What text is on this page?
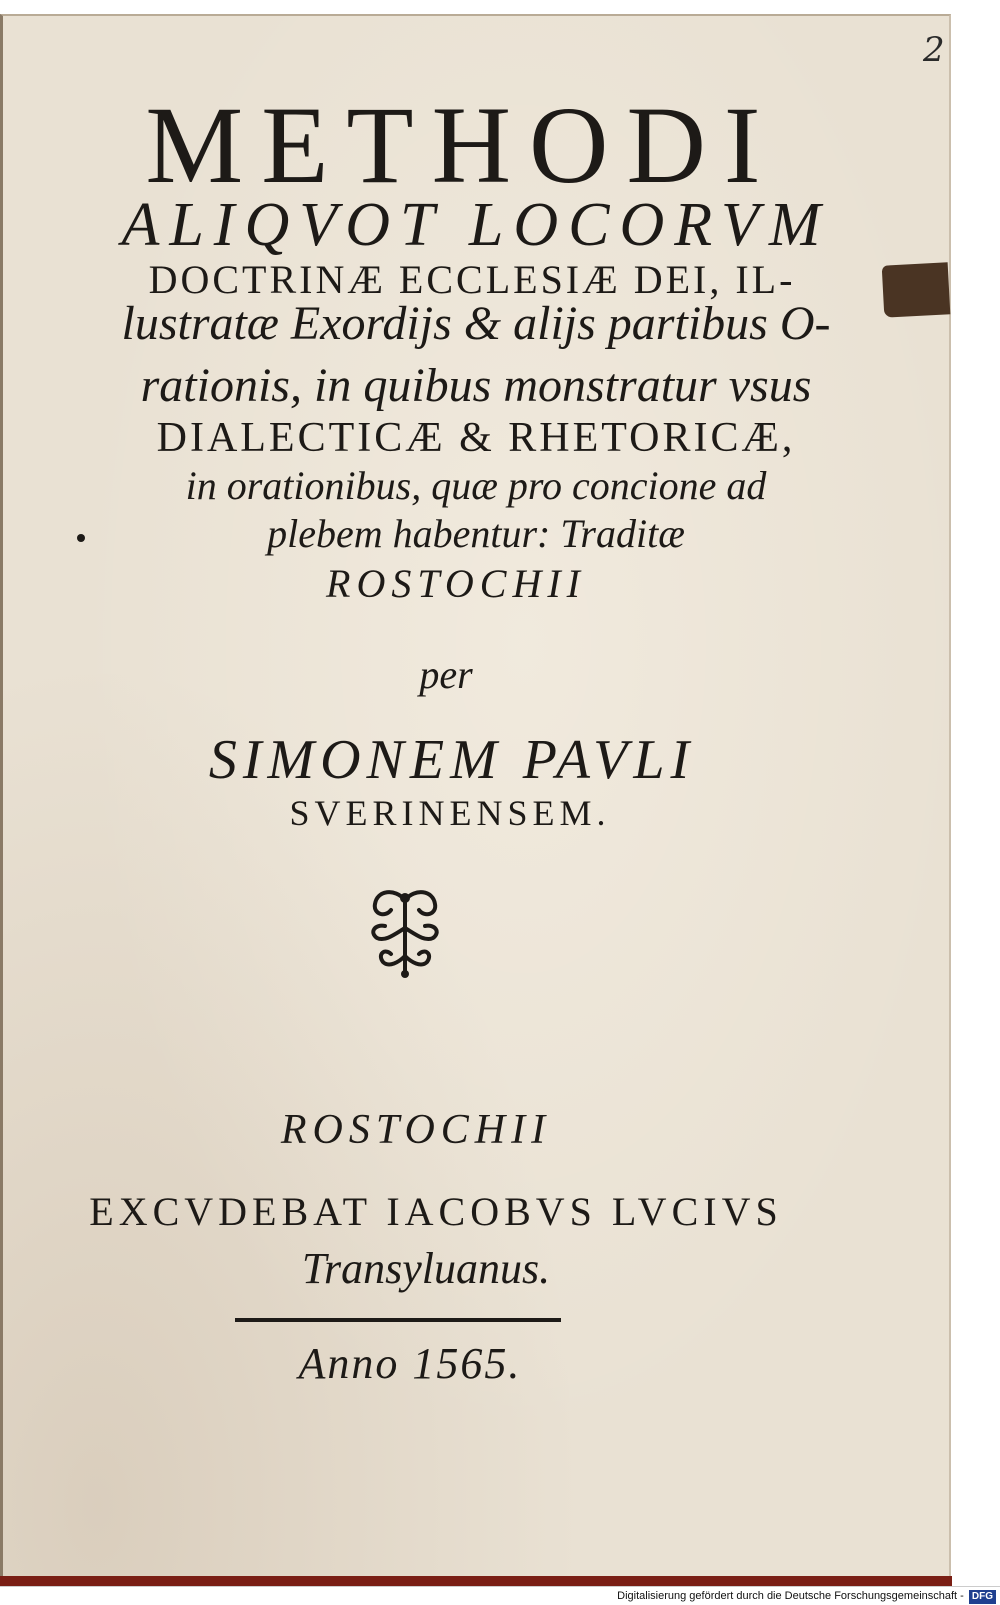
2
METHODI
ALIQVOT LOCORVM
DOCTRINÆ ECCLESIÆ DEI, IL-
lustratæ Exordijs & alijs partibus O-
rationis, in quibus monstratur vsus
DIALECTICÆ & RHETORICÆ,
in orationibus, quæ pro concione ad
plebem habentur: Traditæ
ROSTOCHII
per
SIMONEM PAVLI
SVERINENSEM.
ROSTOCHII
EXCVDEBAT IACOBVS LVCIVS
Transyluanus.
Anno 1565.
Digitalisierung gefördert durch die Deutsche Forschungsgemeinschaft - DFG
